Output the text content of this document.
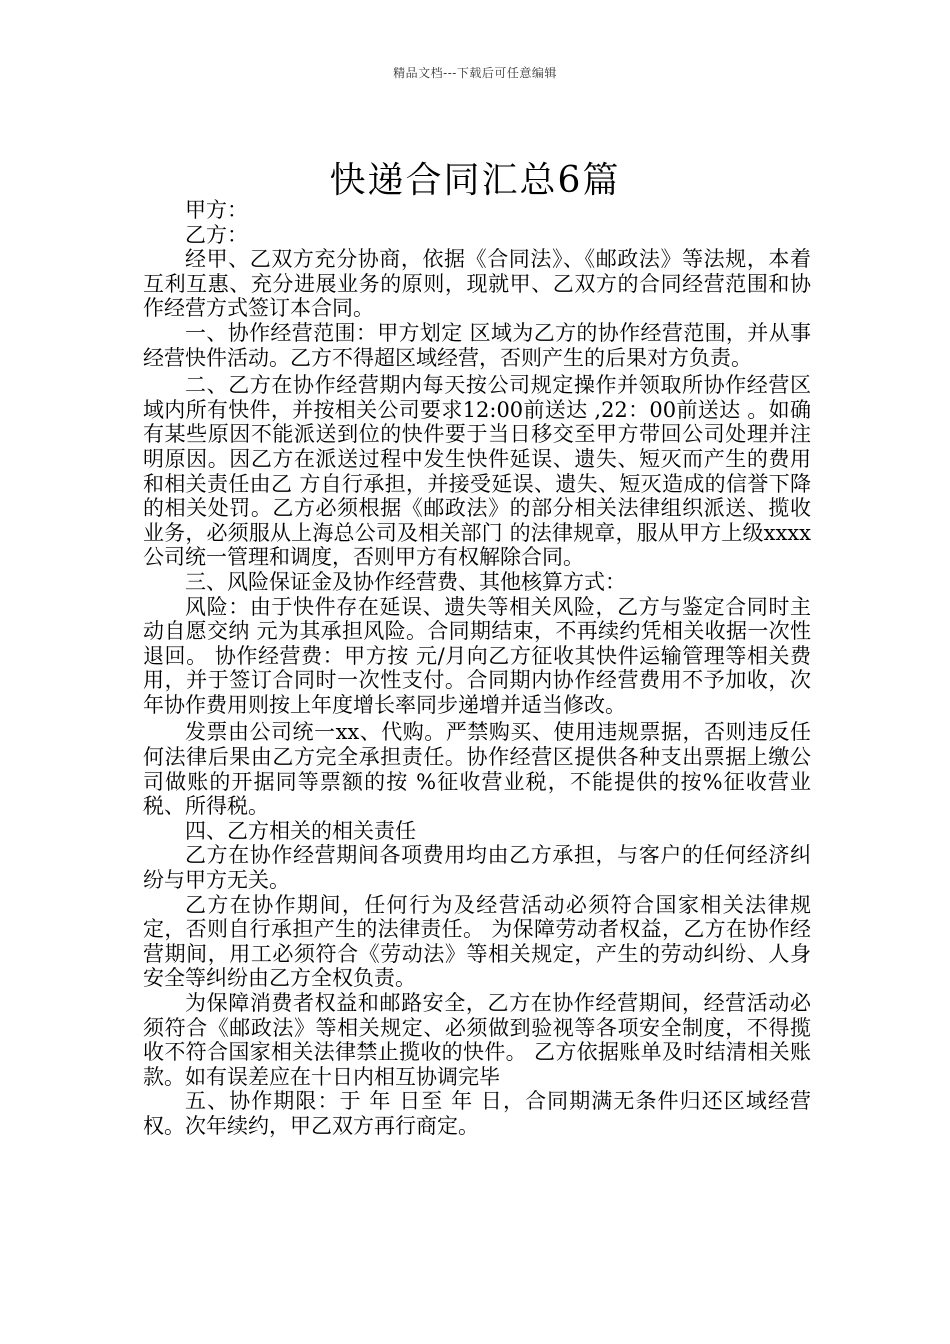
精品文档---下载后可任意编辑
快递合同汇总6篇

甲方：

乙方：

经甲、乙双方充分协商，依据《合同法》、《邮政法》等法规，本着互利互惠、充分进展业务的原则，现就甲、乙双方的合同经营范围和协作经营方式签订本合同。

一、协作经营范围：甲方划定 区域为乙方的协作经营范围，并从事经营快件活动。乙方不得超区域经营，否则产生的后果对方负责。

二、乙方在协作经营期内每天按公司规定操作并领取所协作经营区域内所有快件，并按相关公司要求12:00前送达 ,22：00前送达 。如确有某些原因不能派送到位的快件要于当日移交至甲方带回公司处理并注明原因。因乙方在派送过程中发生快件延误、遗失、短灭而产生的费用和相关责任由乙 方自行承担，并接受延误、遗失、短灭造成的信誉下降的相关处罚。乙方必须根据《邮政法》的部分相关法律组织派送、揽收业务，必须服从上海总公司及相关部门 的法律规章，服从甲方上级xxxx公司统一管理和调度，否则甲方有权解除合同。

三、风险保证金及协作经营费、其他核算方式：

风险：由于快件存在延误、遗失等相关风险，乙方与鉴定合同时主动自愿交纳 元为其承担风险。合同期结束，不再续约凭相关收据一次性退回。 协作经营费：甲方按 元/月向乙方征收其快件运输管理等相关费用，并于签订合同时一次性支付。合同期内协作经营费用不予加收，次年协作费用则按上年度增长率同步递增并适当修改。

发票由公司统一xx、代购。严禁购买、使用违规票据，否则违反任何法律后果由乙方完全承担责任。协作经营区提供各种支出票据上缴公司做账的开据同等票额的按 %征收营业税，不能提供的按%征收营业税、所得税。

四、乙方相关的相关责任

乙方在协作经营期间各项费用均由乙方承担，与客户的任何经济纠纷与甲方无关。

乙方在协作期间，任何行为及经营活动必须符合国家相关法律规定，否则自行承担产生的法律责任。 为保障劳动者权益，乙方在协作经营期间，用工必须符合《劳动法》等相关规定，产生的劳动纠纷、人身安全等纠纷由乙方全权负责。

为保障消费者权益和邮路安全，乙方在协作经营期间，经营活动必须符合《邮政法》等相关规定、必须做到验视等各项安全制度，不得揽收不符合国家相关法律禁止揽收的快件。 乙方依据账单及时结清相关账款。如有误差应在十日内相互协调完毕

五、协作期限：于 年 日至 年 日，合同期满无条件归还区域经营权。次年续约，甲乙双方再行商定。
